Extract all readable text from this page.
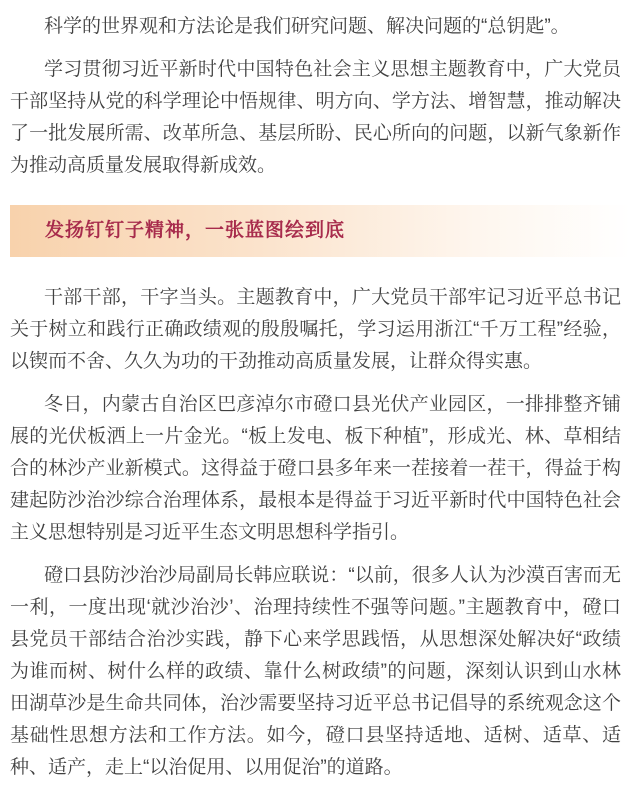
科学的世界观和方法论是我们研究问题、解决问题的“总钥匙”。

学习贯彻习近平新时代中国特色社会主义思想主题教育中，广大党员干部坚持从党的科学理论中悟规律、明方向、学方法、增智慧，推动解决了一批发展所需、改革所急、基层所盼、民心所向的问题，以新气象新作为推动高质量发展取得新成效。

发扬钉钉子精神，一张蓝图绘到底

干部干部，干字当头。主题教育中，广大党员干部牢记习近平总书记关于树立和践行正确政绩观的殷殷嘱托，学习运用浙江“千万工程”经验，以锲而不舍、久久为功的干劲推动高质量发展，让群众得实惠。

冬日，内蒙古自治区巴彦淖尔市磴口县光伏产业园区，一排排整齐铺展的光伏板洒上一片金光。“板上发电、板下种植”，形成光、林、草相结合的林沙产业新模式。这得益于磴口县多年来一茬接着一茬干，得益于构建起防沙治沙综合治理体系，最根本是得益于习近平新时代中国特色社会主义思想特别是习近平生态文明思想科学指引。

磴口县防沙治沙局副局长韩应联说：“以前，很多人认为沙漠百害而无一利，一度出现‘就沙治沙’、治理持续性不强等问题。”主题教育中，磴口县党员干部结合治沙实践，静下心来学思践悟，从思想深处解决好“政绩为谁而树、树什么样的政绩、靠什么树政绩”的问题，深刻认识到山水林田湖草沙是生命共同体，治沙需要坚持习近平总书记倡导的系统观念这个基础性思想方法和工作方法。如今，磴口县坚持适地、适树、适草、适种、适产，走上“以治促用、以用促治”的道路。
